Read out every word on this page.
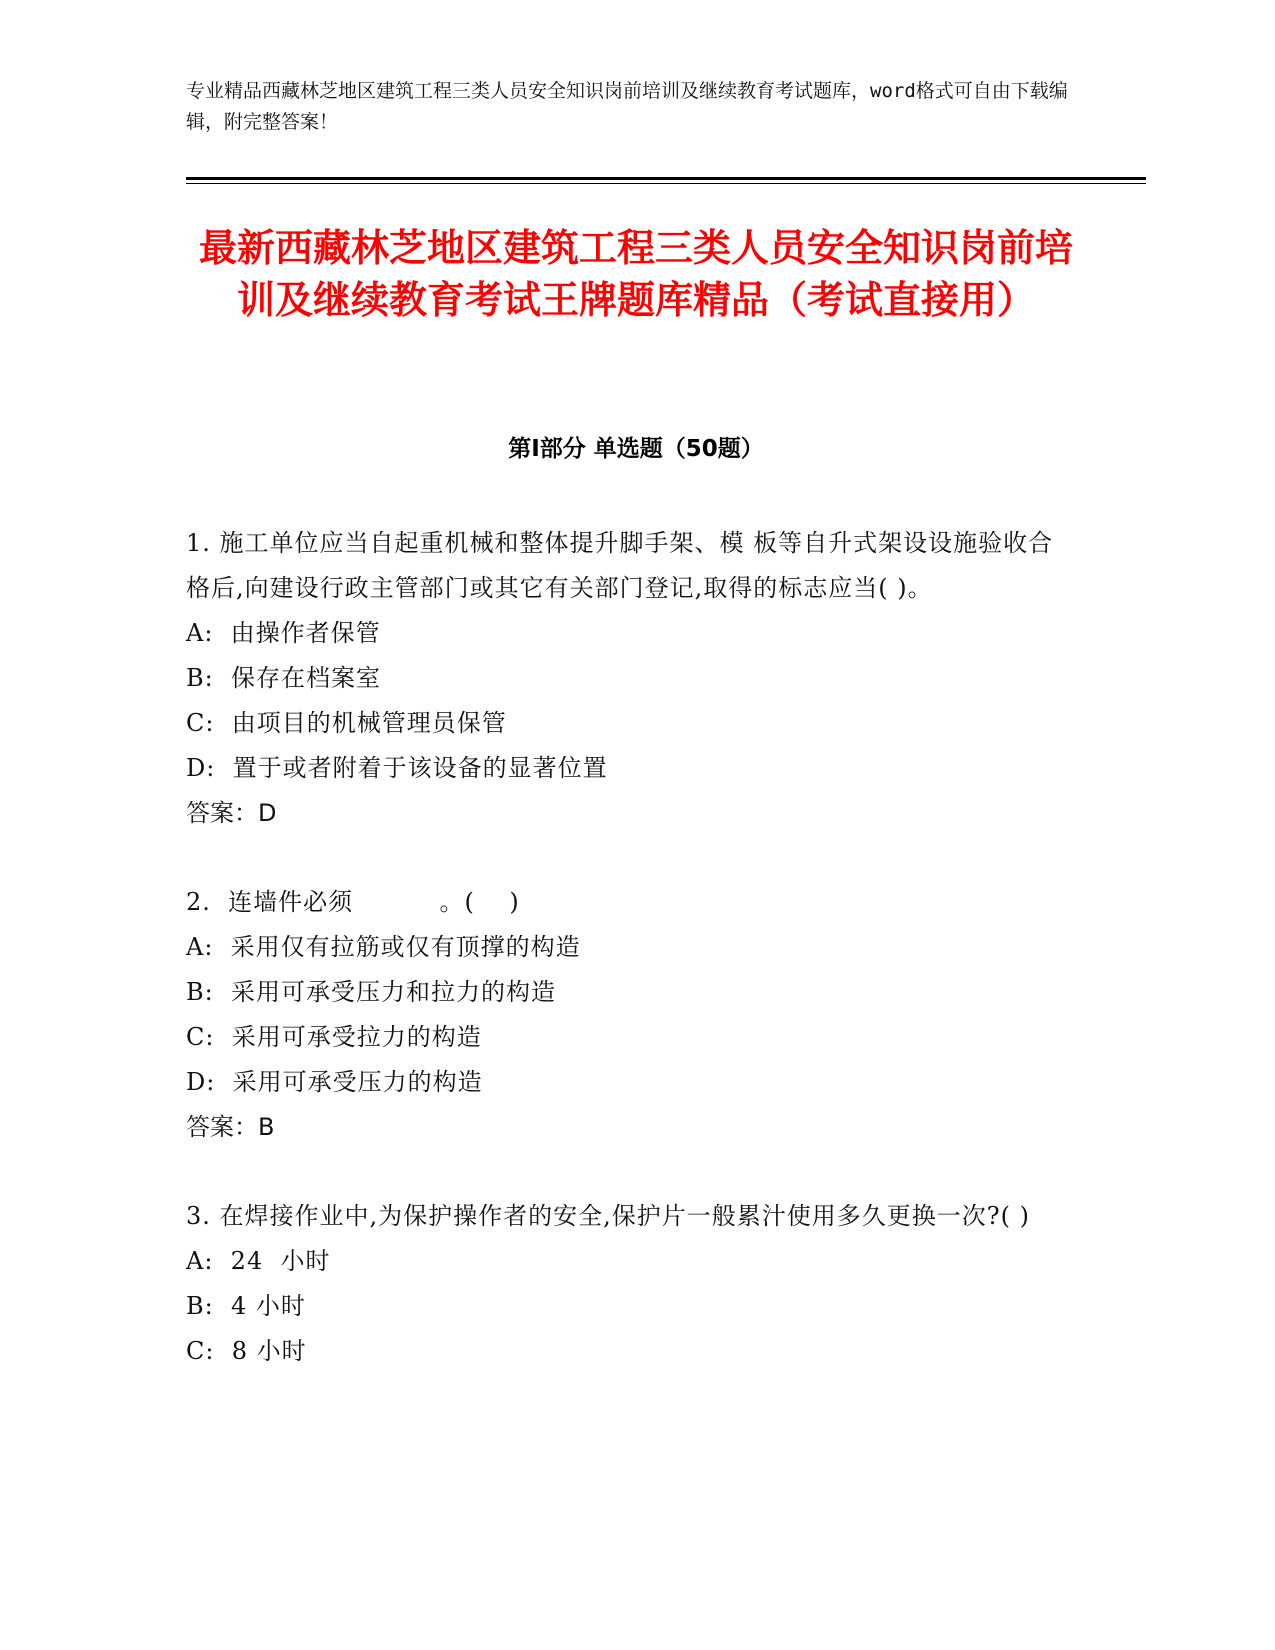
专业精品西藏林芝地区建筑工程三类人员安全知识岗前培训及继续教育考试题库，word格式可自由下载编辑，附完整答案！
最新西藏林芝地区建筑工程三类人员安全知识岗前培训及继续教育考试王牌题库精品（考试直接用）
第Ⅰ部分 单选题（50题）

1. 施工单位应当自起重机械和整体提升脚手架、模 板等自升式架设设施验收合格后,向建设行政主管部门或其它有关部门登记,取得的标志应当( )。

A:  由操作者保管

B:  保存在档案室

C:  由项目的机械管理员保管

D:  置于或者附着于该设备的显著位置

答案：D

2.  连墙件必须          。(    )

A:  采用仅有拉筋或仅有顶撑的构造

B:  采用可承受压力和拉力的构造

C:  采用可承受拉力的构造

D:  采用可承受压力的构造

答案：B

3. 在焊接作业中,为保护操作者的安全,保护片一般累汁使用多久更换一次?( )

A:  24  小时

B:  4 小时

C:  8 小时
